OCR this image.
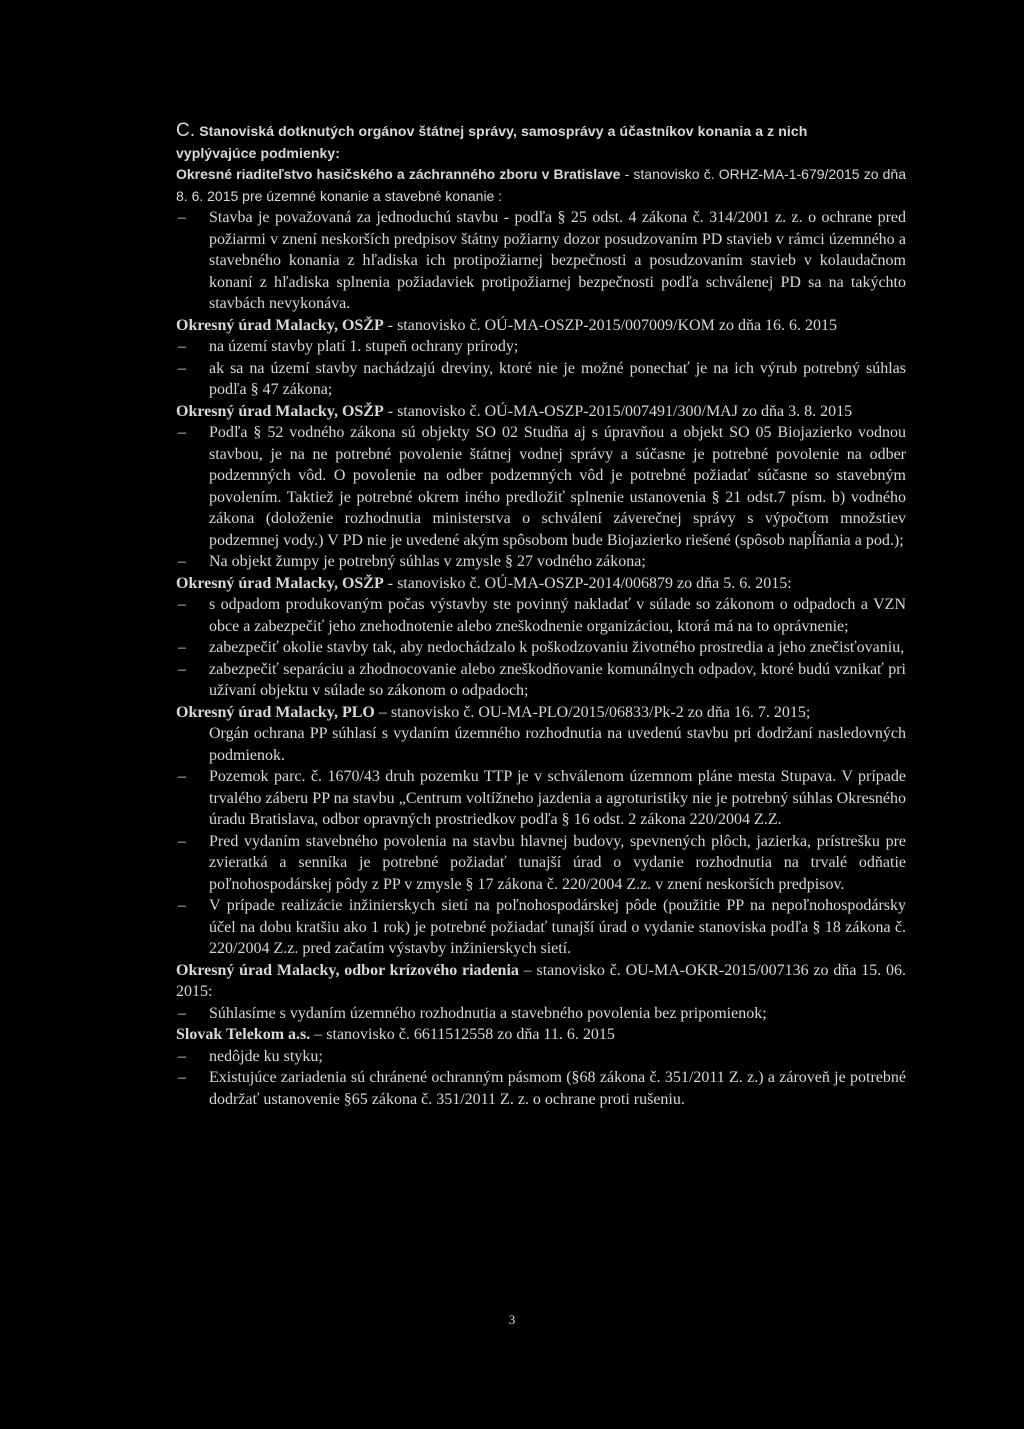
C. Stanoviská dotknutých orgánov štátnej správy, samosprávy a účastníkov konania a z nich
vyplývajúce podmienky:
Okresné riaditeľstvo hasičského a záchranného zboru v Bratislave - stanovisko č. ORHZ-MA-1-679/2015 zo dňa 8. 6. 2015 pre územné konanie a stavebné konanie :
– Stavba je považovaná za jednoduchú stavbu - podľa § 25 odst. 4 zákona č. 314/2001 z. z. o ochrane pred požiarmi v znení neskorších predpisov štátny požiarny dozor posudzovaním PD stavieb v rámci územného a stavebného konania z hľadiska ich protipožiarnej bezpečnosti a posudzovaním stavieb v kolaudačnom konaní z hľadiska splnenia požiadaviek protipožiarnej bezpečnosti podľa schválenej PD sa na takýchto stavbách nevykonáva.
Okresný úrad Malacky, OSŽP - stanovisko č. OÚ-MA-OSZP-2015/007009/KOM zo dňa 16. 6. 2015
– na území stavby platí 1. stupeň ochrany prírody;
– ak sa na území stavby nachádzajú dreviny, ktoré nie je možné ponechať je na ich výrub potrebný súhlas podľa § 47 zákona;
Okresný úrad Malacky, OSŽP - stanovisko č. OÚ-MA-OSZP-2015/007491/300/MAJ zo dňa 3. 8. 2015
– Podľa § 52 vodného zákona sú objekty SO 02 Studňa aj s úpravňou a objekt SO 05 Biojazierko vodnou stavbou, je na ne potrebné povolenie štátnej vodnej správy a súčasne je potrebné povolenie na odber podzemných vôd. O povolenie na odber podzemných vôd je potrebné požiadať súčasne so stavebným povolením. Taktiež je potrebné okrem iného predložiť splnenie ustanovenia § 21 odst.7 písm. b) vodného zákona (doloženie rozhodnutia ministerstva o schválení záverečnej správy s výpočtom množstiev podzemnej vody.) V PD nie je uvedené akým spôsobom bude Biojazierko riešené (spôsob napĺňania a pod.);
– Na objekt žumpy je potrebný súhlas v zmysle § 27 vodného zákona;
Okresný úrad Malacky, OSŽP - stanovisko č. OÚ-MA-OSZP-2014/006879 zo dňa 5. 6. 2015:
– s odpadom produkovaným počas výstavby ste povinný nakladať v súlade so zákonom o odpadoch a VZN obce a zabezpečiť jeho znehodnotenie alebo zneškodnenie organizáciou, ktorá má na to oprávnenie;
– zabezpečiť okolie stavby tak, aby nedochádzalo k poškodzovaniu životného prostredia a jeho znečisťovaniu,
– zabezpečiť separáciu a zhodnocovanie alebo zneškodňovanie komunálnych odpadov, ktoré budú vznikať pri užívaní objektu v súlade so zákonom o odpadoch;
Okresný úrad Malacky, PLO – stanovisko č. OU-MA-PLO/2015/06833/Pk-2 zo dňa 16. 7. 2015;
Orgán ochrana PP súhlasí s vydaním územného rozhodnutia na uvedenú stavbu pri dodržaní nasledovných podmienok.
– Pozemok parc. č. 1670/43 druh pozemku TTP je v schválenom územnom pláne mesta Stupava. V prípade trvalého záberu PP na stavbu „Centrum voltížneho jazdenia a agroturistiky nie je potrebný súhlas Okresného úradu Bratislava, odbor opravných prostriedkov podľa § 16 odst. 2 zákona 220/2004 Z.Z.
– Pred vydaním stavebného povolenia na stavbu hlavnej budovy, spevnených plôch, jazierka, prístrešku pre zvieratká a senníka je potrebné požiadať tunajší úrad o vydanie rozhodnutia na trvalé odňatie poľnohospodárskej pôdy z PP v zmysle § 17 zákona č. 220/2004 Z.z. v znení neskorších predpisov.
– V prípade realizácie inžinierskych sietí na poľnohospodárskej pôde (použitie PP na nepoľnohospodársky účel na dobu kratšiu ako 1 rok) je potrebné požiadať tunajší úrad o vydanie stanoviska podľa § 18 zákona č. 220/2004 Z.z. pred začatím výstavby inžinierskych sietí.
Okresný úrad Malacky, odbor krízového riadenia – stanovisko č. OU-MA-OKR-2015/007136 zo dňa 15. 06. 2015:
– Súhlasíme s vydaním územného rozhodnutia a stavebného povolenia bez pripomienok;
Slovak Telekom a.s. – stanovisko č. 6611512558 zo dňa 11. 6. 2015
– nedôjde ku styku;
– Existujúce zariadenia sú chránené ochranným pásmom (§68 zákona č. 351/2011 Z. z.) a zároveň je potrebné dodržať ustanovenie §65 zákona č. 351/2011 Z. z. o ochrane proti rušeniu.
3
